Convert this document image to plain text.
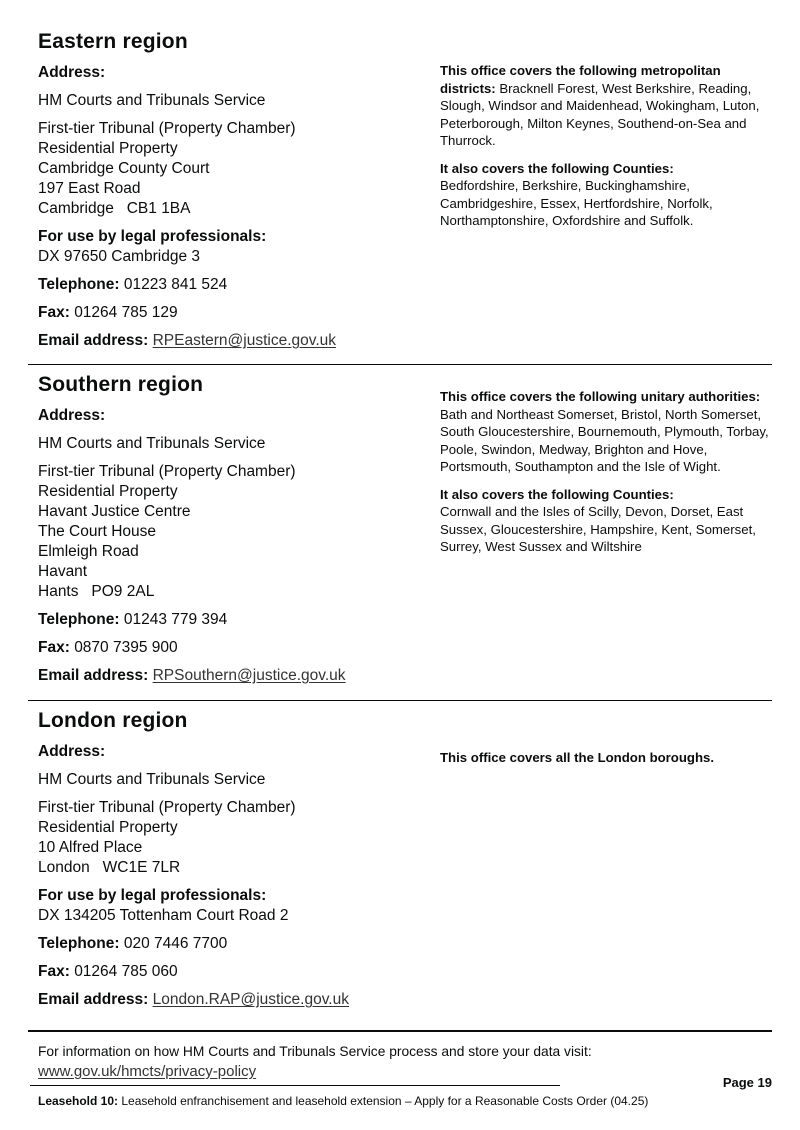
Eastern region

Address:

HM Courts and Tribunals Service

First-tier Tribunal (Property Chamber)
Residential Property
Cambridge County Court
197 East Road
Cambridge   CB1 1BA
For use by legal professionals:
DX 97650 Cambridge 3

Telephone: 01223 841 524

Fax: 01264 785 129

Email address: RPEastern@justice.gov.uk

This office covers the following metropolitan districts: Bracknell Forest, West Berkshire, Reading, Slough, Windsor and Maidenhead, Wokingham, Luton, Peterborough, Milton Keynes, Southend-on-Sea and Thurrock.

It also covers the following Counties:
Bedfordshire, Berkshire, Buckinghamshire, Cambridgeshire, Essex, Hertfordshire, Norfolk, Northamptonshire, Oxfordshire and Suffolk.

Southern region

Address:

HM Courts and Tribunals Service

First-tier Tribunal (Property Chamber)
Residential Property
Havant Justice Centre
The Court House
Elmleigh Road
Havant
Hants   PO9 2AL

Telephone: 01243 779 394

Fax: 0870 7395 900

Email address: RPSouthern@justice.gov.uk

This office covers the following unitary authorities: Bath and Northeast Somerset, Bristol, North Somerset, South Gloucestershire, Bournemouth, Plymouth, Torbay, Poole, Swindon, Medway, Brighton and Hove, Portsmouth, Southampton and the Isle of Wight.

It also covers the following Counties:
Cornwall and the Isles of Scilly, Devon, Dorset, East Sussex, Gloucestershire, Hampshire, Kent, Somerset, Surrey, West Sussex and Wiltshire

London region

Address:

HM Courts and Tribunals Service

First-tier Tribunal (Property Chamber)
Residential Property
10 Alfred Place
London   WC1E 7LR
For use by legal professionals:
DX 134205 Tottenham Court Road 2

Telephone: 020 7446 7700

Fax: 01264 785 060

Email address: London.RAP@justice.gov.uk

This office covers all the London boroughs.

For information on how HM Courts and Tribunals Service process and store your data visit:

www.gov.uk/hmcts/privacy-policy

Page 19

Leasehold 10: Leasehold enfranchisement and leasehold extension – Apply for a Reasonable Costs Order (04.25)
